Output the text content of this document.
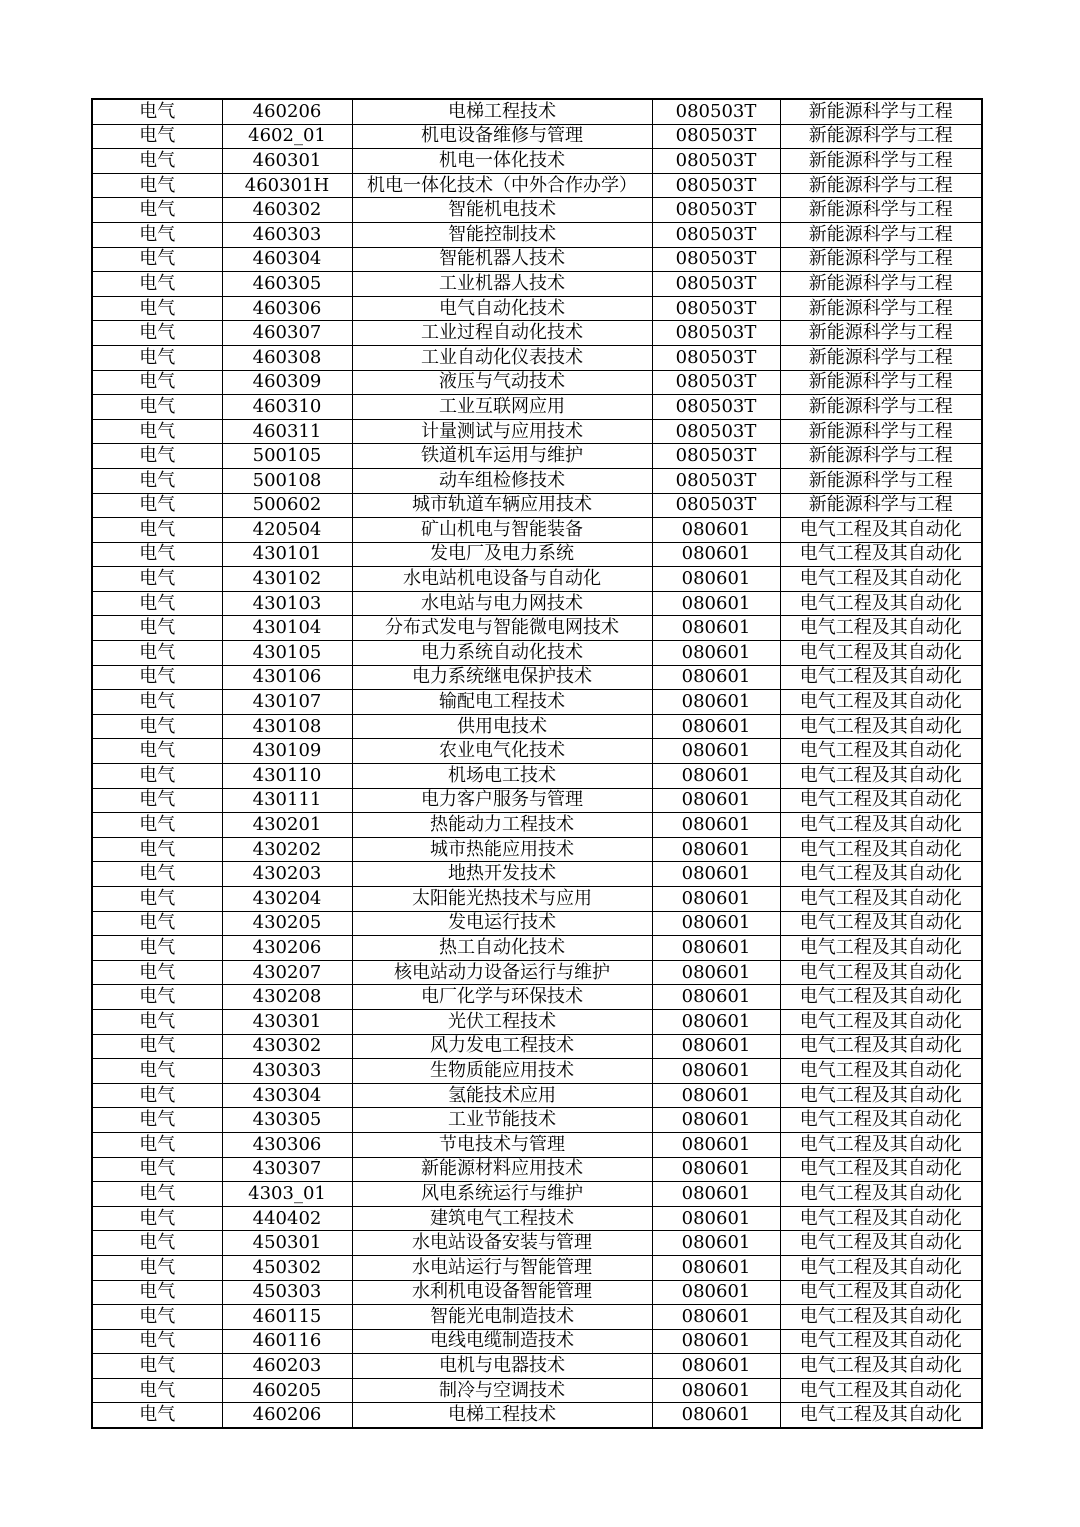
电气	460206	电梯工程技术	080503T	新能源科学与工程
电气	4602_01	机电设备维修与管理	080503T	新能源科学与工程
电气	460301	机电一体化技术	080503T	新能源科学与工程
电气	460301H	机电一体化技术（中外合作办学）	080503T	新能源科学与工程
电气	460302	智能机电技术	080503T	新能源科学与工程
电气	460303	智能控制技术	080503T	新能源科学与工程
电气	460304	智能机器人技术	080503T	新能源科学与工程
电气	460305	工业机器人技术	080503T	新能源科学与工程
电气	460306	电气自动化技术	080503T	新能源科学与工程
电气	460307	工业过程自动化技术	080503T	新能源科学与工程
电气	460308	工业自动化仪表技术	080503T	新能源科学与工程
电气	460309	液压与气动技术	080503T	新能源科学与工程
电气	460310	工业互联网应用	080503T	新能源科学与工程
电气	460311	计量测试与应用技术	080503T	新能源科学与工程
电气	500105	铁道机车运用与维护	080503T	新能源科学与工程
电气	500108	动车组检修技术	080503T	新能源科学与工程
电气	500602	城市轨道车辆应用技术	080503T	新能源科学与工程
电气	420504	矿山机电与智能装备	080601	电气工程及其自动化
电气	430101	发电厂及电力系统	080601	电气工程及其自动化
电气	430102	水电站机电设备与自动化	080601	电气工程及其自动化
电气	430103	水电站与电力网技术	080601	电气工程及其自动化
电气	430104	分布式发电与智能微电网技术	080601	电气工程及其自动化
电气	430105	电力系统自动化技术	080601	电气工程及其自动化
电气	430106	电力系统继电保护技术	080601	电气工程及其自动化
电气	430107	输配电工程技术	080601	电气工程及其自动化
电气	430108	供用电技术	080601	电气工程及其自动化
电气	430109	农业电气化技术	080601	电气工程及其自动化
电气	430110	机场电工技术	080601	电气工程及其自动化
电气	430111	电力客户服务与管理	080601	电气工程及其自动化
电气	430201	热能动力工程技术	080601	电气工程及其自动化
电气	430202	城市热能应用技术	080601	电气工程及其自动化
电气	430203	地热开发技术	080601	电气工程及其自动化
电气	430204	太阳能光热技术与应用	080601	电气工程及其自动化
电气	430205	发电运行技术	080601	电气工程及其自动化
电气	430206	热工自动化技术	080601	电气工程及其自动化
电气	430207	核电站动力设备运行与维护	080601	电气工程及其自动化
电气	430208	电厂化学与环保技术	080601	电气工程及其自动化
电气	430301	光伏工程技术	080601	电气工程及其自动化
电气	430302	风力发电工程技术	080601	电气工程及其自动化
电气	430303	生物质能应用技术	080601	电气工程及其自动化
电气	430304	氢能技术应用	080601	电气工程及其自动化
电气	430305	工业节能技术	080601	电气工程及其自动化
电气	430306	节电技术与管理	080601	电气工程及其自动化
电气	430307	新能源材料应用技术	080601	电气工程及其自动化
电气	4303_01	风电系统运行与维护	080601	电气工程及其自动化
电气	440402	建筑电气工程技术	080601	电气工程及其自动化
电气	450301	水电站设备安装与管理	080601	电气工程及其自动化
电气	450302	水电站运行与智能管理	080601	电气工程及其自动化
电气	450303	水利机电设备智能管理	080601	电气工程及其自动化
电气	460115	智能光电制造技术	080601	电气工程及其自动化
电气	460116	电线电缆制造技术	080601	电气工程及其自动化
电气	460203	电机与电器技术	080601	电气工程及其自动化
电气	460205	制冷与空调技术	080601	电气工程及其自动化
电气	460206	电梯工程技术	080601	电气工程及其自动化
